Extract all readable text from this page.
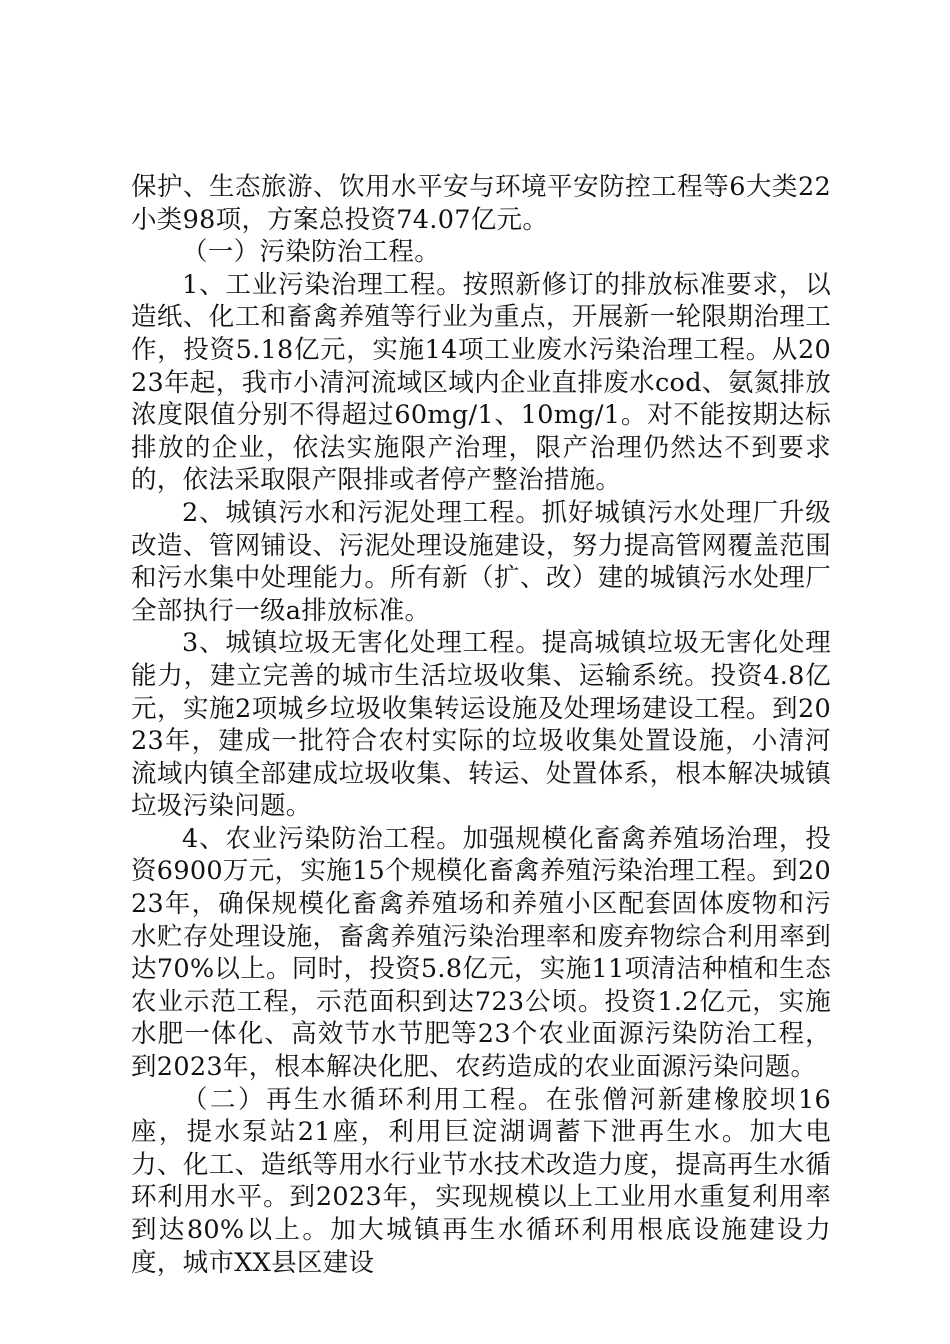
保护、生态旅游、饮用水平安与环境平安防控工程等6大类22小类98项，方案总投资74.07亿元。

（一）污染防治工程。

1、工业污染治理工程。按照新修订的排放标准要求，以造纸、化工和畜禽养殖等行业为重点，开展新一轮限期治理工作，投资5.18亿元，实施14项工业废水污染治理工程。从2023年起，我市小清河流域区域内企业直排废水cod、氨氮排放浓度限值分别不得超过60mg/1、10mg/1。对不能按期达标排放的企业，依法实施限产治理，限产治理仍然达不到要求的，依法采取限产限排或者停产整治措施。

2、城镇污水和污泥处理工程。抓好城镇污水处理厂升级改造、管网铺设、污泥处理设施建设，努力提高管网覆盖范围和污水集中处理能力。所有新（扩、改）建的城镇污水处理厂全部执行一级a排放标准。

3、城镇垃圾无害化处理工程。提高城镇垃圾无害化处理能力，建立完善的城市生活垃圾收集、运输系统。投资4.8亿元，实施2项城乡垃圾收集转运设施及处理场建设工程。到2023年，建成一批符合农村实际的垃圾收集处置设施，小清河流域内镇全部建成垃圾收集、转运、处置体系，根本解决城镇垃圾污染问题。

4、农业污染防治工程。加强规模化畜禽养殖场治理，投资6900万元，实施15个规模化畜禽养殖污染治理工程。到2023年，确保规模化畜禽养殖场和养殖小区配套固体废物和污水贮存处理设施，畜禽养殖污染治理率和废弃物综合利用率到达70%以上。同时，投资5.8亿元，实施11项清洁种植和生态农业示范工程，示范面积到达723公顷。投资1.2亿元，实施水肥一体化、高效节水节肥等23个农业面源污染防治工程，到2023年，根本解决化肥、农药造成的农业面源污染问题。

（二）再生水循环利用工程。在张僧河新建橡胶坝16座，提水泵站21座，利用巨淀湖调蓄下泄再生水。加大电力、化工、造纸等用水行业节水技术改造力度，提高再生水循环利用水平。到2023年，实现规模以上工业用水重复利用率到达80%以上。加大城镇再生水循环利用根底设施建设力度，城市XX县区建设
